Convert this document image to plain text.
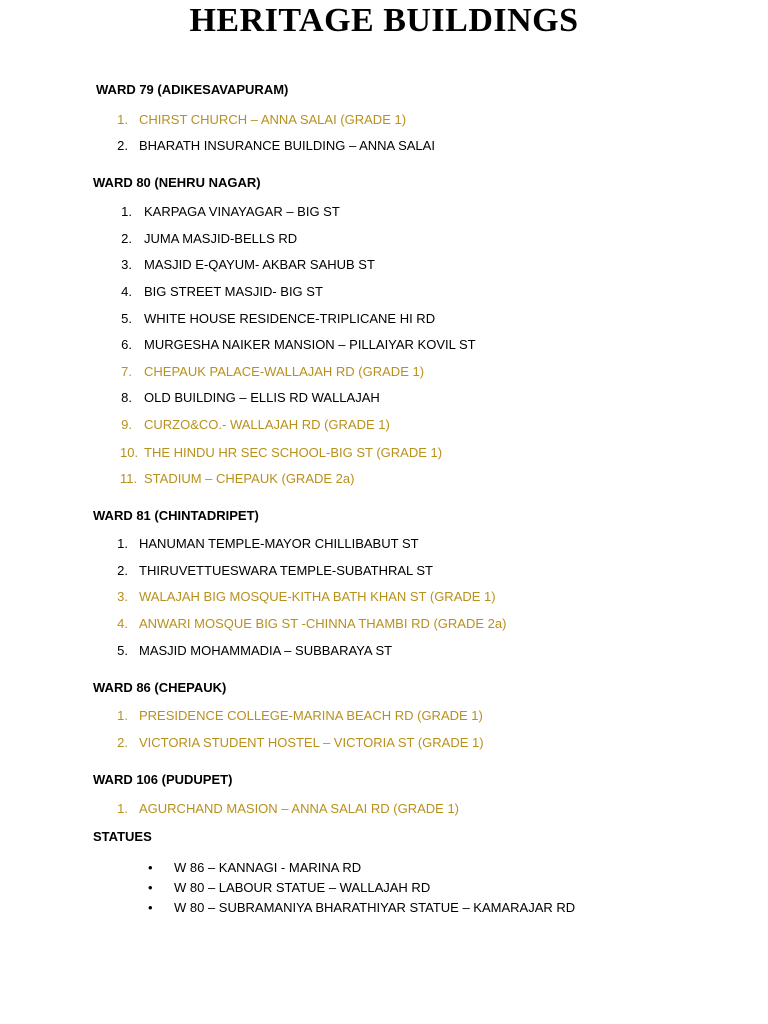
HERITAGE BUILDINGS
WARD 79 (ADIKESAVAPURAM)
1. CHIRST CHURCH – ANNA SALAI (GRADE 1)
2. BHARATH INSURANCE BUILDING – ANNA SALAI
WARD 80 (NEHRU NAGAR)
1. KARPAGA VINAYAGAR – BIG ST
2. JUMA MASJID-BELLS RD
3. MASJID E-QAYUM- AKBAR SAHUB ST
4. BIG STREET MASJID- BIG ST
5. WHITE HOUSE RESIDENCE-TRIPLICANE HI RD
6. MURGESHA NAIKER MANSION – PILLAIYAR KOVIL ST
7. CHEPAUK PALACE-WALLAJAH RD (GRADE 1)
8. OLD BUILDING – ELLIS RD WALLAJAH
9. CURZO&CO.- WALLAJAH RD (GRADE 1)
10. THE HINDU HR SEC SCHOOL-BIG ST (GRADE 1)
11. STADIUM – CHEPAUK (GRADE 2a)
WARD 81 (CHINTADRIPET)
1. HANUMAN TEMPLE-MAYOR CHILLIBABUT ST
2. THIRUVETTUESWARA TEMPLE-SUBATHRAL ST
3. WALAJAH BIG MOSQUE-KITHA BATH KHAN ST (GRADE 1)
4. ANWARI MOSQUE BIG ST -CHINNA THAMBI RD (GRADE 2a)
5. MASJID MOHAMMADIA – SUBBARAYA ST
WARD 86 (CHEPAUK)
1. PRESIDENCE COLLEGE-MARINA BEACH RD (GRADE 1)
2. VICTORIA STUDENT HOSTEL – VICTORIA ST (GRADE 1)
WARD 106 (PUDUPET)
1. AGURCHAND MASION – ANNA SALAI RD (GRADE 1)
STATUES
• W 86 – KANNAGI - MARINA RD
• W 80 – LABOUR STATUE – WALLAJAH RD
• W 80 – SUBRAMANIYA BHARATHIYAR STATUE – KAMARAJAR RD
